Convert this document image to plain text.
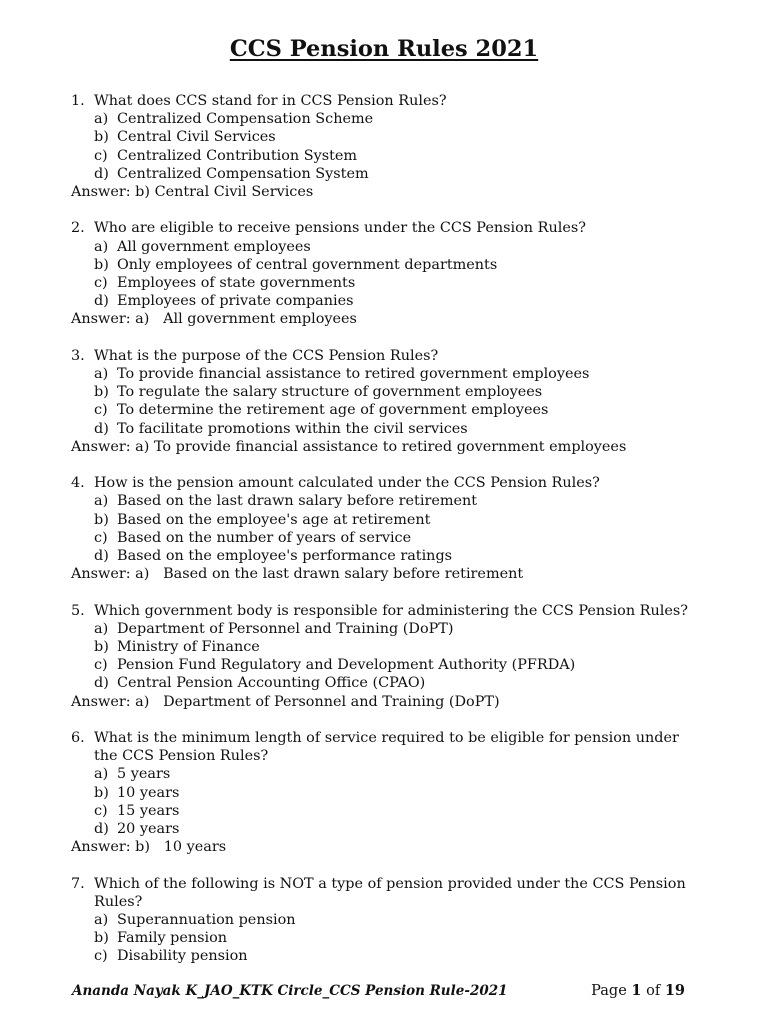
CCS Pension Rules 2021
1. What does CCS stand for in CCS Pension Rules?
a) Centralized Compensation Scheme
b) Central Civil Services
c) Centralized Contribution System
d) Centralized Compensation System
Answer: b) Central Civil Services
2. Who are eligible to receive pensions under the CCS Pension Rules?
a) All government employees
b) Only employees of central government departments
c) Employees of state governments
d) Employees of private companies
Answer: a)   All government employees
3. What is the purpose of the CCS Pension Rules?
a) To provide financial assistance to retired government employees
b) To regulate the salary structure of government employees
c) To determine the retirement age of government employees
d) To facilitate promotions within the civil services
Answer: a) To provide financial assistance to retired government employees
4. How is the pension amount calculated under the CCS Pension Rules?
a) Based on the last drawn salary before retirement
b) Based on the employee's age at retirement
c) Based on the number of years of service
d) Based on the employee's performance ratings
Answer: a)   Based on the last drawn salary before retirement
5. Which government body is responsible for administering the CCS Pension Rules?
a) Department of Personnel and Training (DoPT)
b) Ministry of Finance
c) Pension Fund Regulatory and Development Authority (PFRDA)
d) Central Pension Accounting Office (CPAO)
Answer: a)   Department of Personnel and Training (DoPT)
6. What is the minimum length of service required to be eligible for pension under
the CCS Pension Rules?
a) 5 years
b) 10 years
c) 15 years
d) 20 years
Answer: b)   10 years
7. Which of the following is NOT a type of pension provided under the CCS Pension
Rules?
a) Superannuation pension
b) Family pension
c) Disability pension
Ananda Nayak K_JAO_KTK Circle_CCS Pension Rule-2021	Page 1 of 19
